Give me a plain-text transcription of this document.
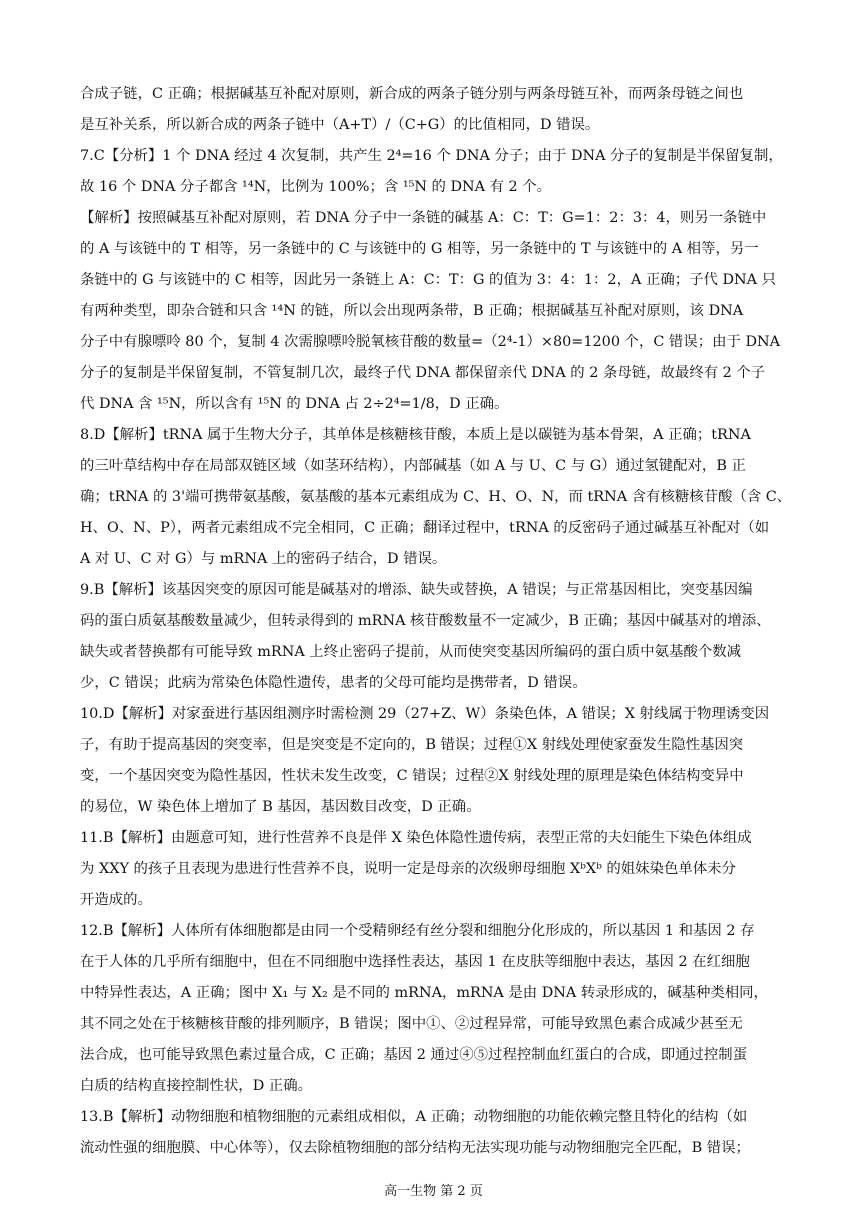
合成子链，C 正确；根据碱基互补配对原则，新合成的两条子链分别与两条母链互补，而两条母链之间也
是互补关系，所以新合成的两条子链中（A+T）/（C+G）的比值相同，D 错误。
7.C【分析】1 个 DNA 经过 4 次复制，共产生 2⁴=16 个 DNA 分子；由于 DNA 分子的复制是半保留复制，
故 16 个 DNA 分子都含 ¹⁴N，比例为 100%；含 ¹⁵N 的 DNA 有 2 个。
【解析】按照碱基互补配对原则，若 DNA 分子中一条链的碱基 A：C：T：G=1：2：3：4，则另一条链中
的 A 与该链中的 T 相等，另一条链中的 C 与该链中的 G 相等，另一条链中的 T 与该链中的 A 相等，另一
条链中的 G 与该链中的 C 相等，因此另一条链上 A：C：T：G 的值为 3：4：1：2，A 正确；子代 DNA 只
有两种类型，即杂合链和只含 ¹⁴N 的链，所以会出现两条带，B 正确；根据碱基互补配对原则，该 DNA
分子中有腺嘌呤 80 个，复制 4 次需腺嘌呤脱氧核苷酸的数量=（2⁴-1）×80=1200 个，C 错误；由于 DNA
分子的复制是半保留复制，不管复制几次，最终子代 DNA 都保留亲代 DNA 的 2 条母链，故最终有 2 个子
代 DNA 含 ¹⁵N，所以含有 ¹⁵N 的 DNA 占 2÷2⁴=1/8，D 正确。
8.D【解析】tRNA 属于生物大分子，其单体是核糖核苷酸，本质上是以碳链为基本骨架，A 正确；tRNA
的三叶草结构中存在局部双链区域（如茎环结构），内部碱基（如 A 与 U、C 与 G）通过氢键配对，B 正
确；tRNA 的 3'端可携带氨基酸，氨基酸的基本元素组成为 C、H、O、N，而 tRNA 含有核糖核苷酸（含 C、
H、O、N、P），两者元素组成不完全相同，C 正确；翻译过程中，tRNA 的反密码子通过碱基互补配对（如
A 对 U、C 对 G）与 mRNA 上的密码子结合，D 错误。
9.B【解析】该基因突变的原因可能是碱基对的增添、缺失或替换，A 错误；与正常基因相比，突变基因编
码的蛋白质氨基酸数量减少，但转录得到的 mRNA 核苷酸数量不一定减少，B 正确；基因中碱基对的增添、
缺失或者替换都有可能导致 mRNA 上终止密码子提前，从而使突变基因所编码的蛋白质中氨基酸个数减
少，C 错误；此病为常染色体隐性遗传，患者的父母可能均是携带者，D 错误。
10.D【解析】对家蚕进行基因组测序时需检测 29（27+Z、W）条染色体，A 错误；X 射线属于物理诱变因
子，有助于提高基因的突变率，但是突变是不定向的，B 错误；过程①X 射线处理使家蚕发生隐性基因突
变，一个基因突变为隐性基因，性状未发生改变，C 错误；过程②X 射线处理的原理是染色体结构变异中
的易位，W 染色体上增加了 B 基因，基因数目改变，D 正确。
11.B【解析】由题意可知，进行性营养不良是伴 X 染色体隐性遗传病，表型正常的夫妇能生下染色体组成
为 XXY 的孩子且表现为患进行性营养不良，说明一定是母亲的次级卵母细胞 XᵇXᵇ 的姐妹染色单体未分
开造成的。
12.B【解析】人体所有体细胞都是由同一个受精卵经有丝分裂和细胞分化形成的，所以基因 1 和基因 2 存
在于人体的几乎所有细胞中，但在不同细胞中选择性表达，基因 1 在皮肤等细胞中表达，基因 2 在红细胞
中特异性表达，A 正确；图中 X₁ 与 X₂ 是不同的 mRNA，mRNA 是由 DNA 转录形成的，碱基种类相同，
其不同之处在于核糖核苷酸的排列顺序，B 错误；图中①、②过程异常，可能导致黑色素合成减少甚至无
法合成，也可能导致黑色素过量合成，C 正确；基因 2 通过④⑤过程控制血红蛋白的合成，即通过控制蛋
白质的结构直接控制性状，D 正确。
13.B【解析】动物细胞和植物细胞的元素组成相似，A 正确；动物细胞的功能依赖完整且特化的结构（如
流动性强的细胞膜、中心体等），仅去除植物细胞的部分结构无法实现功能与动物细胞完全匹配，B 错误；
高一生物 第 2 页
